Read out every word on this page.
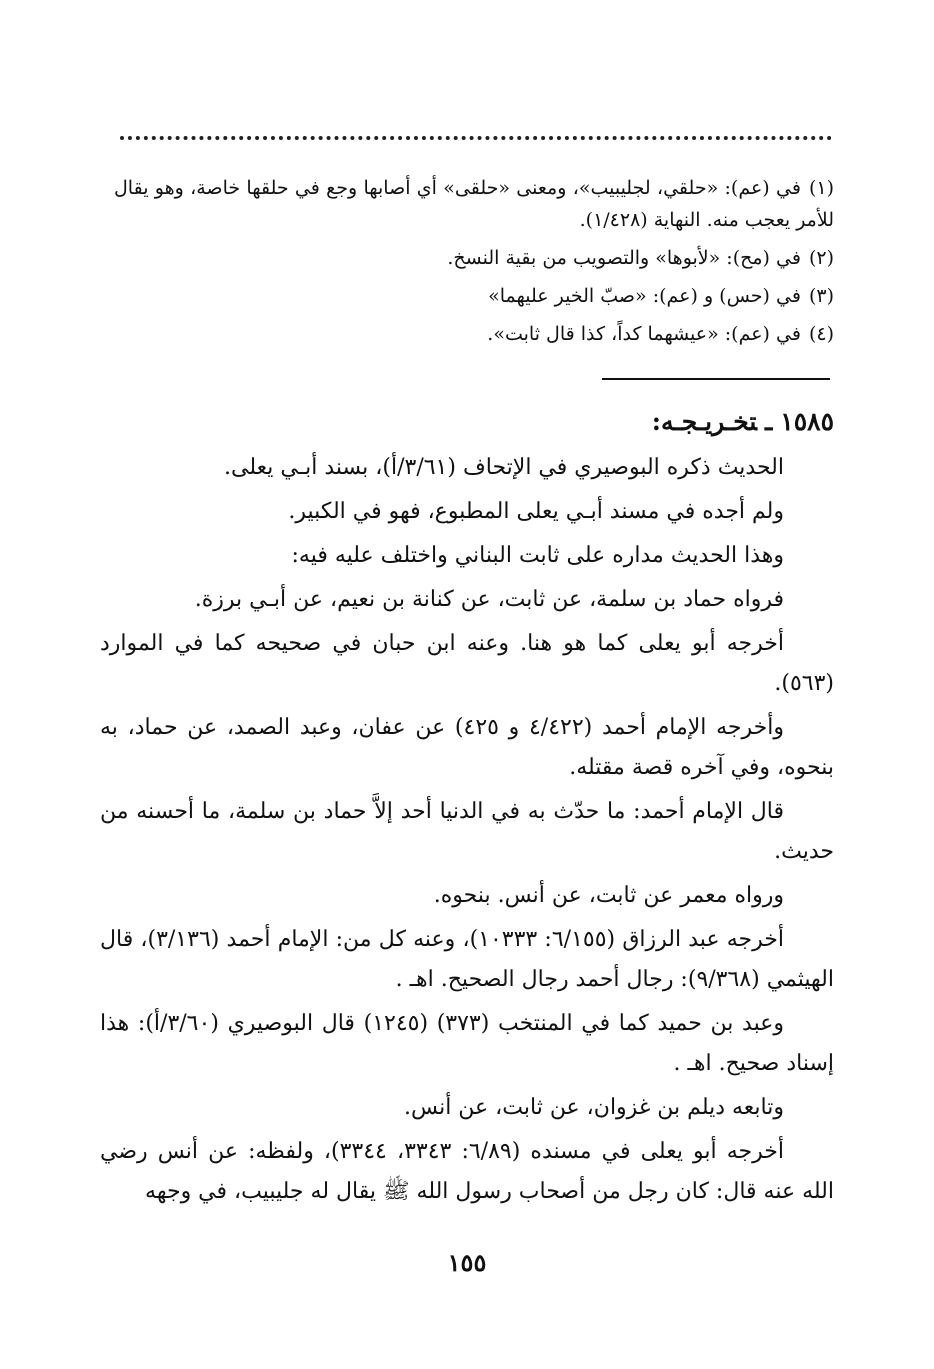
(١)في (عم): «حلقي، لجليبيب»، ومعنى «حلقى» أي أصابها وجع في حلقها خاصة، وهو يقال للأمر يعجب منه. النهاية (١/٤٢٨).

(٢)في (مح): «لأبوها» والتصويب من بقية النسخ.

(٣)في (حس) و (عم): «صبّ الخير عليهما»

(٤)في (عم): «عيشهما كداً، كذا قال ثابت».

١٥٨٥ـتخـريـجـه:

الحديث ذكره البوصيري في الإتحاف (٣/٦١/أ)، بسند أبـي يعلى.

ولم أجده في مسند أبـي يعلى المطبوع، فهو في الكبير.

وهذا الحديث مداره على ثابت البناني واختلف عليه فيه:

فرواه حماد بن سلمة، عن ثابت، عن كنانة بن نعيم، عن أبـي برزة.

أخرجه أبو يعلى كما هو هنا. وعنه ابن حبان في صحيحه كما في الموارد (٥٦٣).

وأخرجه الإمام أحمد (٤/٤٢٢ و ٤٢٥) عن عفان، وعبد الصمد، عن حماد، به بنحوه، وفي آخره قصة مقتله.

قال الإمام أحمد: ما حدّث به في الدنيا أحد إلاَّ حماد بن سلمة، ما أحسنه من حديث.

ورواه معمر عن ثابت، عن أنس. بنحوه.

أخرجه عبد الرزاق (٦/١٥٥: ١٠٣٣٣)، وعنه كل من: الإمام أحمد (٣/١٣٦)، قال الهيثمي (٩/٣٦٨): رجال أحمد رجال الصحيح. اهـ .

وعبد بن حميد كما في المنتخب (٣٧٣) (١٢٤٥) قال البوصيري (٣/٦٠/أ): هذا إسناد صحيح. اهـ .

وتابعه ديلم بن غزوان، عن ثابت، عن أنس.

أخرجه أبو يعلى في مسنده (٦/٨٩: ٣٣٤٣، ٣٣٤٤)، ولفظه: عن أنس رضي الله عنه قال: كان رجل من أصحاب رسول الله ﷺ يقال له جليبيب، في وجهه

١٥٥
